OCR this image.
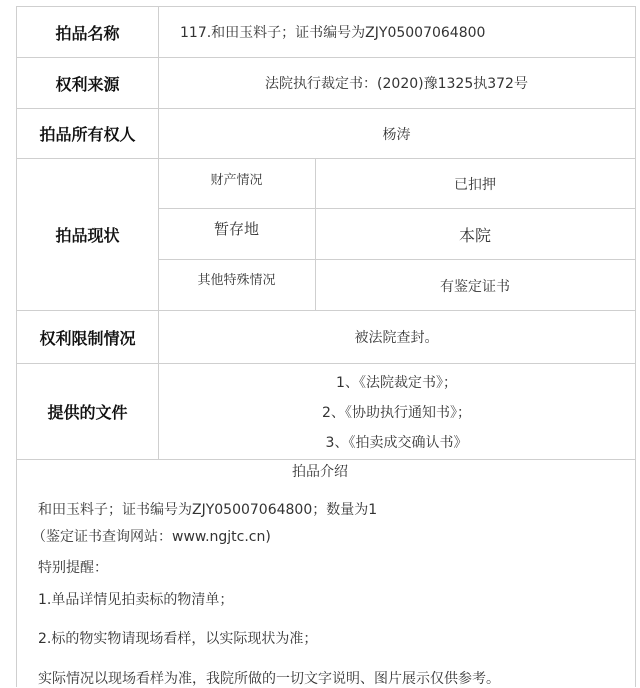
拍品名称	117.和田玉料子；证书编号为ZJY05007064800
权利来源	法院执行裁定书：(2020)豫1325执372号
拍品所有权人	杨涛
拍品现状
财产情况	已扣押
暂存地	本院
其他特殊情况	有鉴定证书
权利限制情况	被法院查封。
提供的文件
1、《法院裁定书》；
2、《协助执行通知书》；
3、《拍卖成交确认书》
拍品介绍
和田玉料子；证书编号为ZJY05007064800；数量为1
（鉴定证书查询网站：www.ngjtc.cn)
特别提醒：
1.单品详情见拍卖标的物清单；
2.标的物实物请现场看样，以实际现状为准；
实际情况以现场看样为准，我院所做的一切文字说明、图片展示仅供参考。
